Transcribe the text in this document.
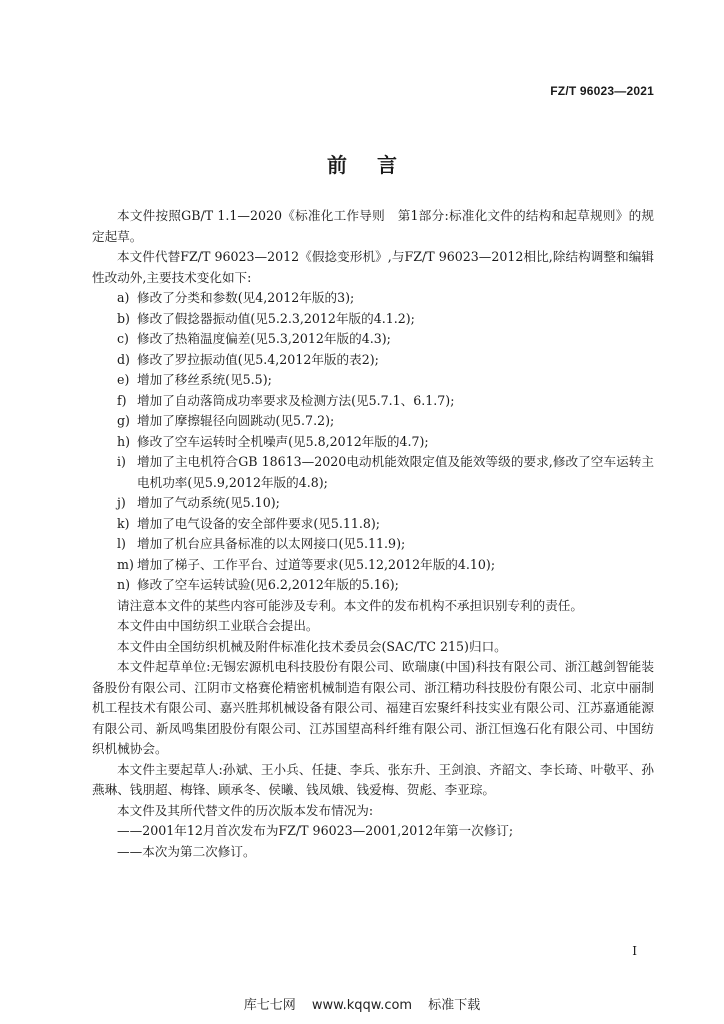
FZ/T 96023—2021
前言

本文件按照GB/T 1.1—2020《标准化工作导则　第1部分:标准化文件的结构和起草规则》的规定起草。

本文件代替FZ/T 96023—2012《假捻变形机》,与FZ/T 96023—2012相比,除结构调整和编辑性改动外,主要技术变化如下:

a) 修改了分类和参数(见4,2012年版的3);
b) 修改了假捻器振动值(见5.2.3,2012年版的4.1.2);
c) 修改了热箱温度偏差(见5.3,2012年版的4.3);
d) 修改了罗拉振动值(见5.4,2012年版的表2);
e) 增加了移丝系统(见5.5);
f) 增加了自动落筒成功率要求及检测方法(见5.7.1、6.1.7);
g) 增加了摩擦辊径向圆跳动(见5.7.2);
h) 修改了空车运转时全机噪声(见5.8,2012年版的4.7);
i) 增加了主电机符合GB 18613—2020电动机能效限定值及能效等级的要求,修改了空车运转主电机功率(见5.9,2012年版的4.8);
j) 增加了气动系统(见5.10);
k) 增加了电气设备的安全部件要求(见5.11.8);
l) 增加了机台应具备标准的以太网接口(见5.11.9);
m) 增加了梯子、工作平台、过道等要求(见5.12,2012年版的4.10);
n) 修改了空车运转试验(见6.2,2012年版的5.16);

请注意本文件的某些内容可能涉及专利。本文件的发布机构不承担识别专利的责任。

本文件由中国纺织工业联合会提出。

本文件由全国纺织机械及附件标准化技术委员会(SAC/TC 215)归口。

本文件起草单位:无锡宏源机电科技股份有限公司、欧瑞康(中国)科技有限公司、浙江越剑智能装备股份有限公司、江阴市文格赛伦精密机械制造有限公司、浙江精功科技股份有限公司、北京中丽制机工程技术有限公司、嘉兴胜邦机械设备有限公司、福建百宏聚纤科技实业有限公司、江苏嘉通能源有限公司、新凤鸣集团股份有限公司、江苏国望高科纤维有限公司、浙江恒逸石化有限公司、中国纺织机械协会。

本文件主要起草人:孙斌、王小兵、任捷、李兵、张东升、王剑浪、齐韶文、李长琦、叶敬平、孙燕琳、钱朋超、梅锋、顾承冬、侯曦、钱凤娥、钱爱梅、贺彪、李亚琮。

本文件及其所代替文件的历次版本发布情况为:

——2001年12月首次发布为FZ/T 96023—2001,2012年第一次修订;
——本次为第二次修订。
I
库七七网 www.kqqw.com 标准下载
